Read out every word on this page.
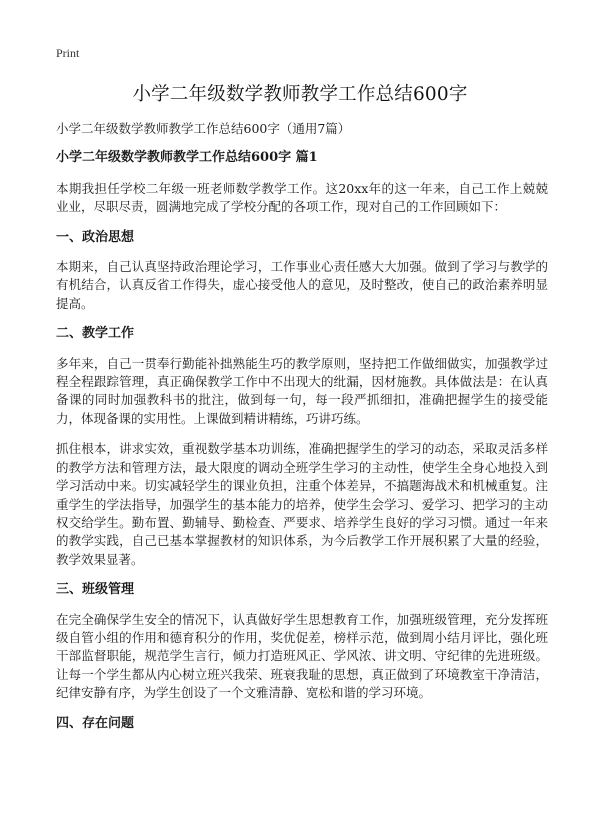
Print
小学二年级数学教师教学工作总结600字

小学二年级数学教师教学工作总结600字（通用7篇）

小学二年级数学教师教学工作总结600字 篇1

本期我担任学校二年级一班老师数学教学工作。这20xx年的这一年来，自己工作上兢兢业业，尽职尽责，圆满地完成了学校分配的各项工作，现对自己的工作回顾如下：

一、政治思想

本期来，自己认真坚持政治理论学习，工作事业心责任感大大加强。做到了学习与教学的有机结合，认真反省工作得失，虚心接受他人的意见，及时整改，使自己的政治素养明显提高。

二、教学工作

多年来，自己一贯奉行勤能补拙熟能生巧的教学原则，坚持把工作做细做实，加强教学过程全程跟踪管理，真正确保教学工作中不出现大的纰漏，因材施教。具体做法是：在认真备课的同时加强教科书的批注，做到每一句，每一段严抓细扣，准确把握学生的接受能力，体现备课的实用性。上课做到精讲精练，巧讲巧练。

抓住根本，讲求实效，重视数学基本功训练，准确把握学生的学习的动态，采取灵活多样的教学方法和管理方法，最大限度的调动全班学生学习的主动性，使学生全身心地投入到学习活动中来。切实减轻学生的课业负担，注重个体差异，不搞题海战术和机械重复。注重学生的学法指导，加强学生的基本能力的培养，使学生会学习、爱学习、把学习的主动权交给学生。勤布置、勤辅导、勤检查、严要求、培养学生良好的学习习惯。通过一年来的教学实践，自己已基本掌握教材的知识体系，为今后教学工作开展积累了大量的经验，教学效果显著。

三、班级管理

在完全确保学生安全的情况下，认真做好学生思想教育工作，加强班级管理，充分发挥班级自管小组的作用和德育积分的作用，奖优促差，榜样示范，做到周小结月评比，强化班干部监督职能，规范学生言行，倾力打造班风正、学风浓、讲文明、守纪律的先进班级。让每一个学生都从内心树立班兴我荣、班衰我耻的思想，真正做到了环境教室干净清洁，纪律安静有序，为学生创设了一个文雅清静、宽松和谐的学习环境。

四、存在问题
